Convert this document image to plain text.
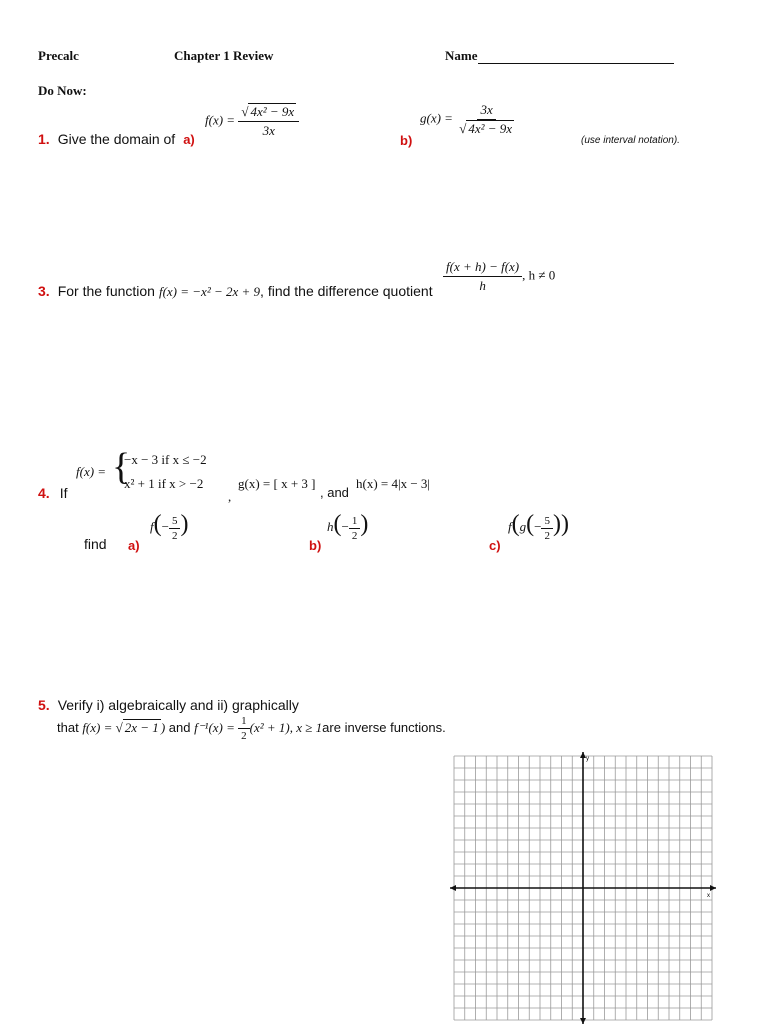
Precalc	Chapter 1 Review	Name
Do Now:
1. Give the domain of a)
$f(x) = \frac{\text{√ 4x² − 9x}}{3x}$
b)
$g(x) = \frac{3x}{\text{√ 4x² − 9x}}$
(use interval notation).
3. For the function f(x) = −x² − 2x + 9, find the difference quotient $\frac{f(x + h) - f(x)}{h}$ , h ≠ 0
4. If
f(x) = {
−x − 3 if x ≤ −2
x² + 1 if x > −2
,
g(x) = [ x + 3 ]
, and
h(x) = 4|x − 3|
find a)
$f(- \frac{5}{2}$ )
b)
$h(- \frac{1}{2}$ )
c)
$f(g(- \frac{5}{2}$ ))
5. Verify i) algebraically and ii) graphically
that f(x) = √ 2x − 1 ) and $f^{-1}(x) = \frac{1}{2} (x^2 + 1)$, x ≥ 1are inverse functions.
x
y
